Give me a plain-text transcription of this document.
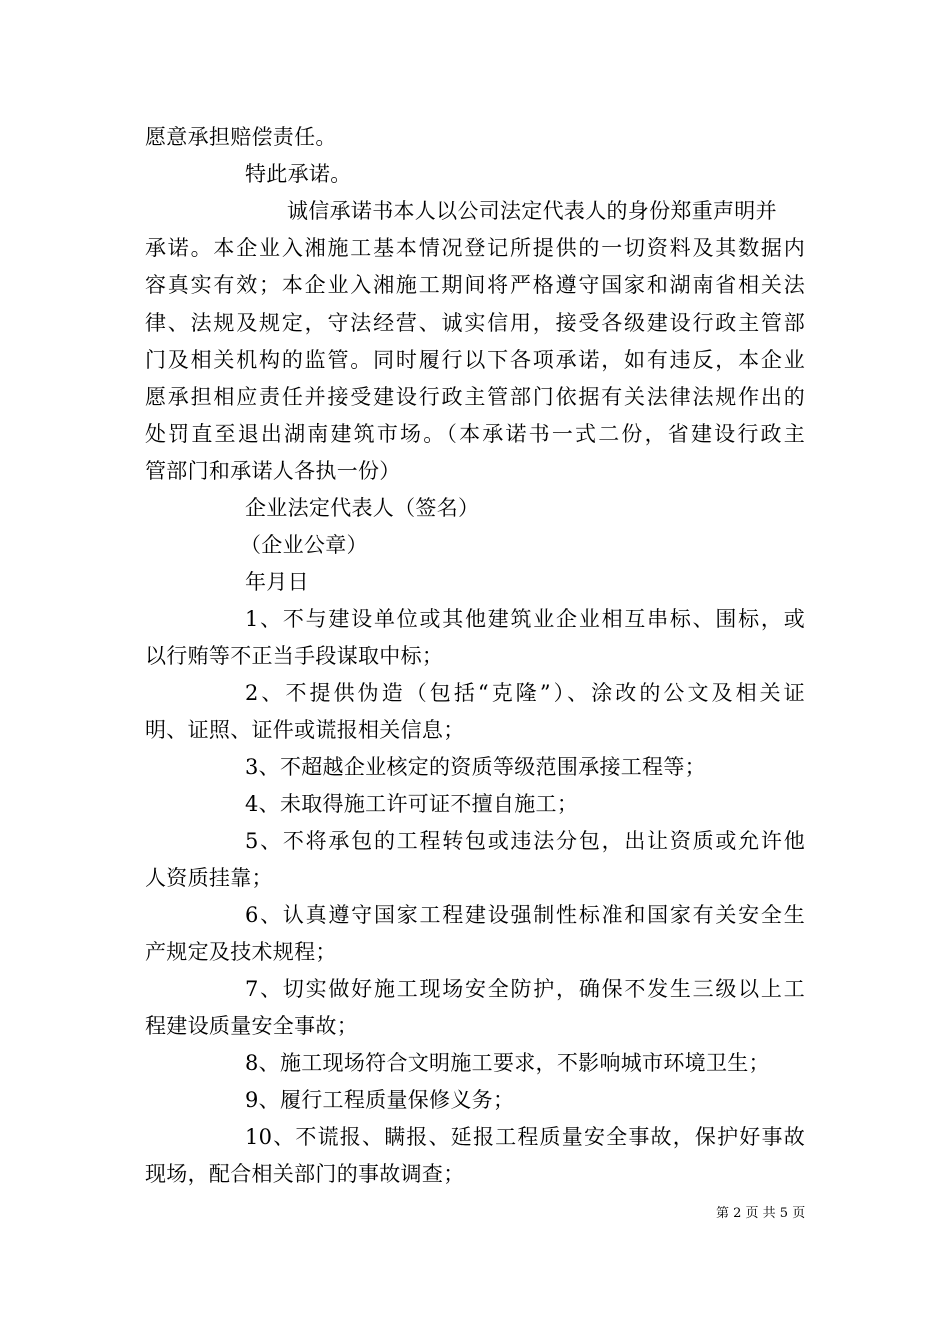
愿意承担赔偿责任。
特此承诺。
诚信承诺书本人以公司法定代表人的身份郑重声明并
承诺。本企业入湘施工基本情况登记所提供的一切资料及其数据内
容真实有效；本企业入湘施工期间将严格遵守国家和湖南省相关法
律、法规及规定，守法经营、诚实信用，接受各级建设行政主管部
门及相关机构的监管。同时履行以下各项承诺，如有违反，本企业
愿承担相应责任并接受建设行政主管部门依据有关法律法规作出的
处罚直至退出湖南建筑市场。（本承诺书一式二份，省建设行政主
管部门和承诺人各执一份）
企业法定代表人（签名）
（企业公章）
年月日
1、不与建设单位或其他建筑业企业相互串标、围标，或
以行贿等不正当手段谋取中标；
2、不提供伪造（包括“克隆”）、涂改的公文及相关证
明、证照、证件或谎报相关信息；
3、不超越企业核定的资质等级范围承接工程等；
4、未取得施工许可证不擅自施工；
5、不将承包的工程转包或违法分包，出让资质或允许他
人资质挂靠；
6、认真遵守国家工程建设强制性标准和国家有关安全生
产规定及技术规程；
7、切实做好施工现场安全防护，确保不发生三级以上工
程建设质量安全事故；
8、施工现场符合文明施工要求，不影响城市环境卫生；
9、履行工程质量保修义务；
10、不谎报、瞒报、延报工程质量安全事故，保护好事故
现场，配合相关部门的事故调查；
第 2 页 共 5 页
